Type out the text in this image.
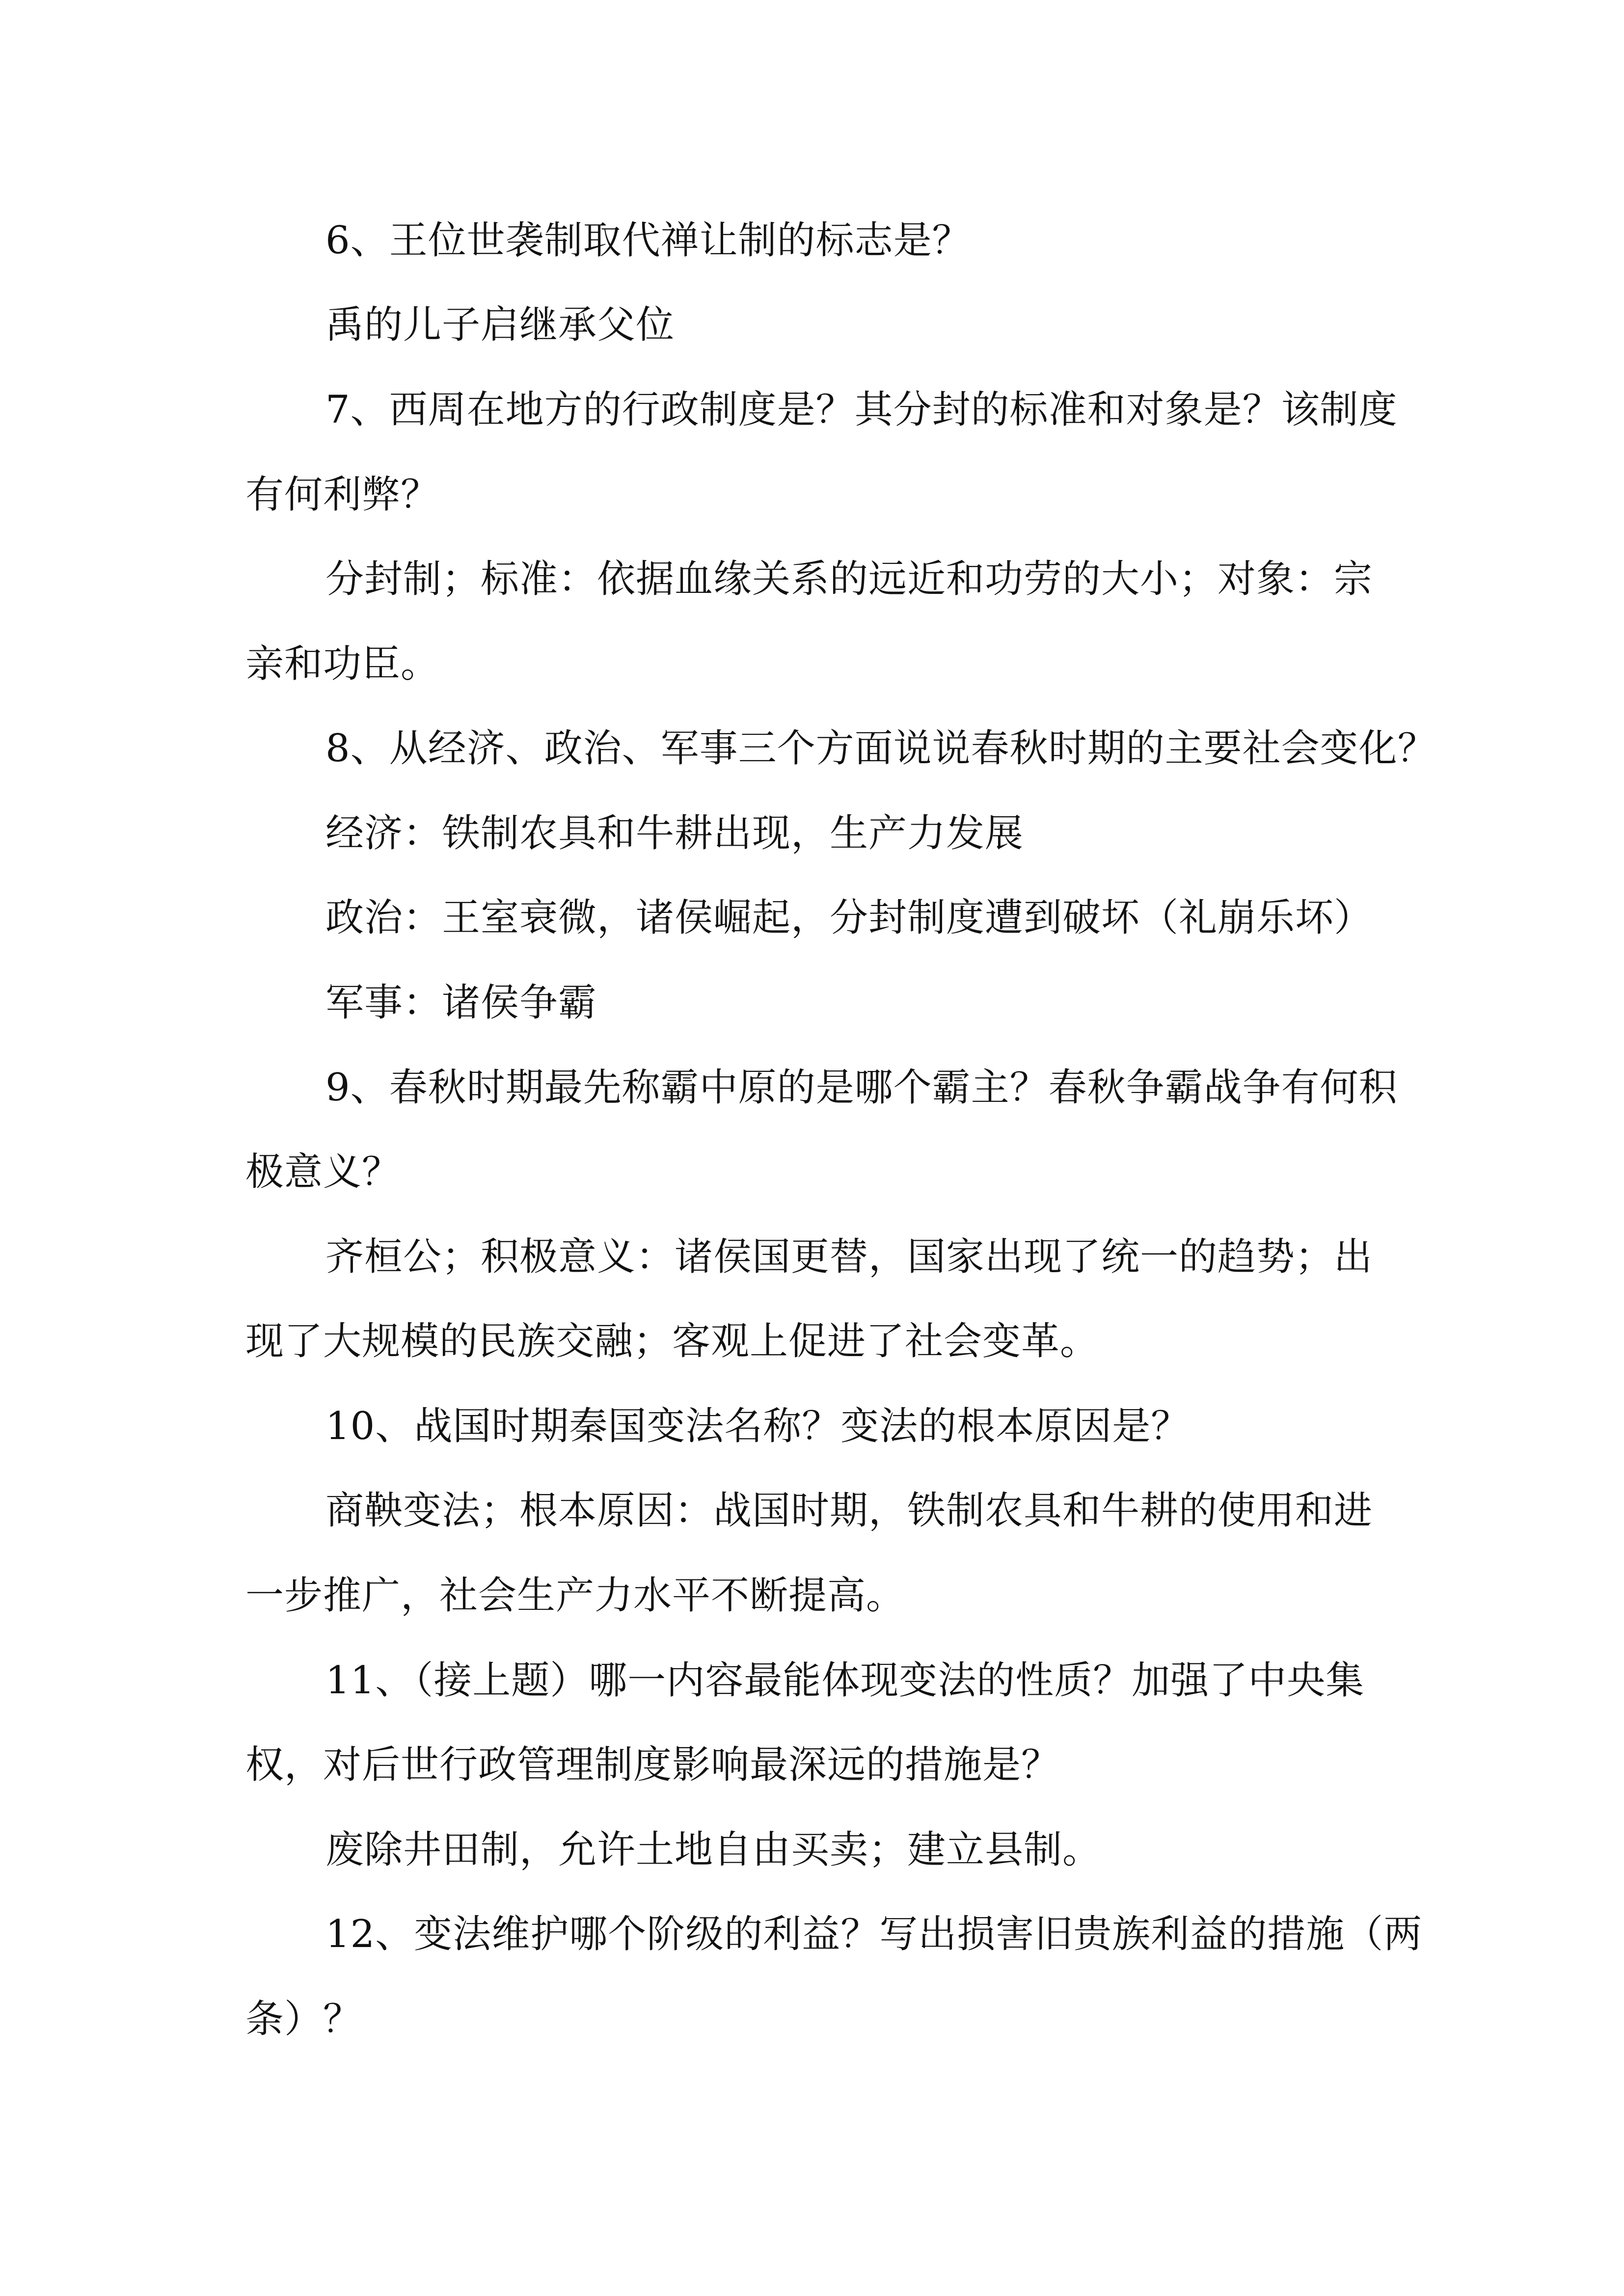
6、王位世袭制取代禅让制的标志是？
禹的儿子启继承父位
7、西周在地方的行政制度是？其分封的标准和对象是？该制度
有何利弊？
分封制；标准：依据血缘关系的远近和功劳的大小；对象：宗
亲和功臣。
8、从经济、政治、军事三个方面说说春秋时期的主要社会变化？
经济：铁制农具和牛耕出现，生产力发展
政治：王室衰微，诸侯崛起，分封制度遭到破坏（礼崩乐坏）
军事：诸侯争霸
9、春秋时期最先称霸中原的是哪个霸主？春秋争霸战争有何积
极意义？
齐桓公；积极意义：诸侯国更替，国家出现了统一的趋势；出
现了大规模的民族交融；客观上促进了社会变革。
10、战国时期秦国变法名称？变法的根本原因是？
商鞅变法；根本原因：战国时期，铁制农具和牛耕的使用和进
一步推广，社会生产力水平不断提高。
11、（接上题）哪一内容最能体现变法的性质？加强了中央集
权，对后世行政管理制度影响最深远的措施是？
废除井田制，允许土地自由买卖；建立县制。
12、变法维护哪个阶级的利益？写出损害旧贵族利益的措施（两
条）？
